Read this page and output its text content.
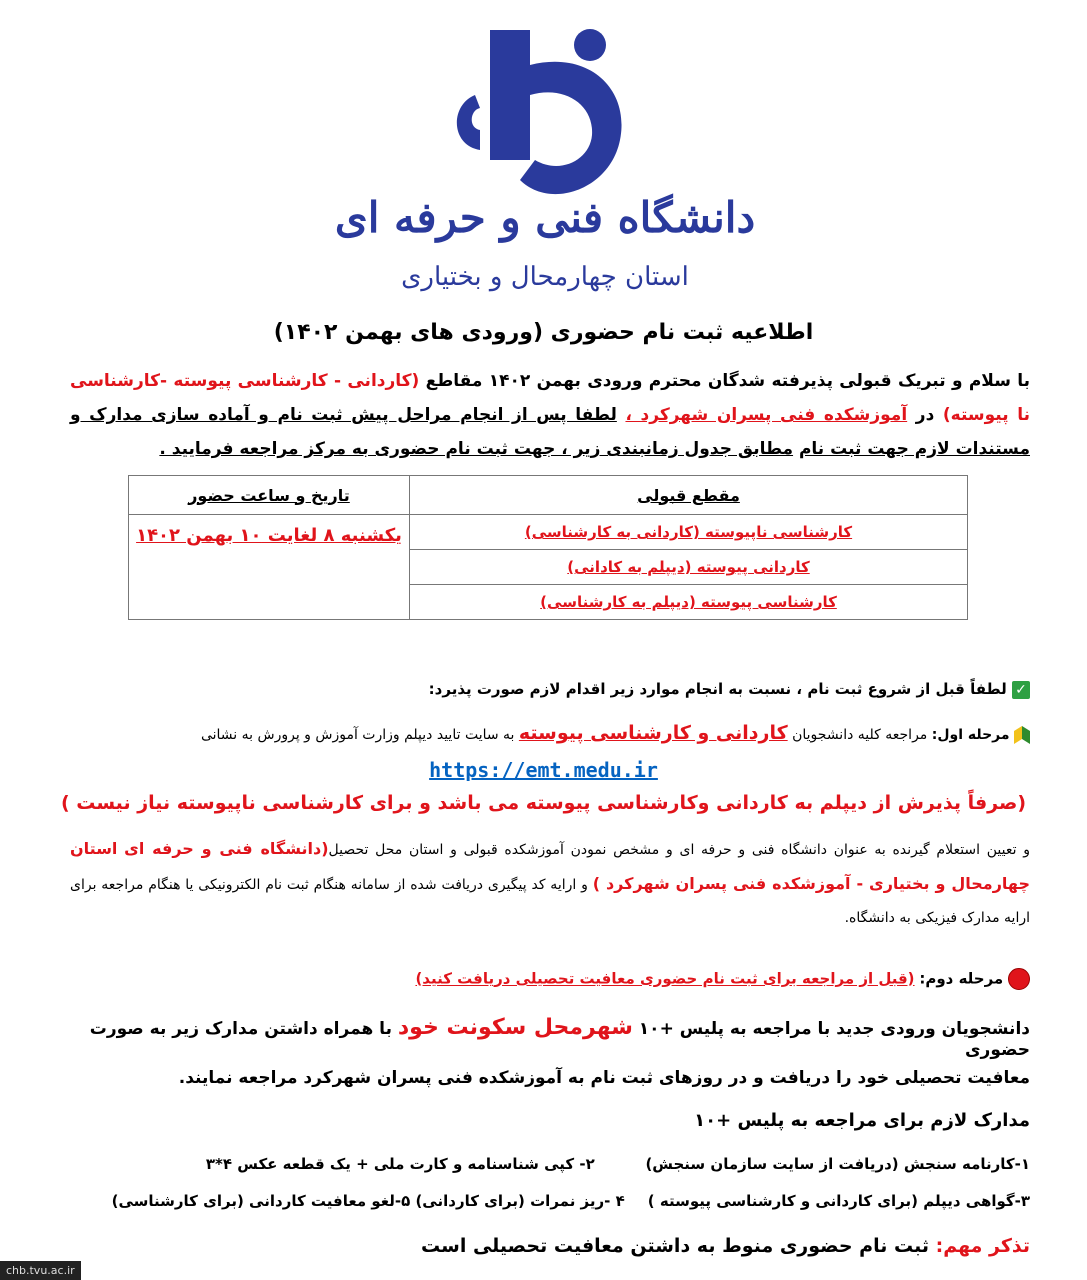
دانشگاه فنی و حرفه ای
استان چهارمحال و بختیاری
اطلاعیه ثبت نام حضوری (ورودی های بهمن ۱۴۰۲)
با سلام و تبریک قبولی پذیرفته شدگان محترم ورودی بهمن ۱۴۰۲ مقاطع (کاردانی - کارشناسی پیوسته -کارشناسی نا پیوسته) در آموزشکده فنی پسران شهرکرد ، لطفا پس از انجام مراحل پیش ثبت نام و آماده سازی مدارک و مستندات لازم جهت ثبت نام مطابق جدول زمانبندی زیر ، جهت ثبت نام حضوری به مرکز مراجعه فرمایید .
مقطع قبولی	تاریخ و ساعت حضور
کارشناسی ناپیوسته (کاردانی به کارشناسی)	یکشنبه ۸ لغایت ۱۰ بهمن ۱۴۰۲
کاردانی پیوسته (دیپلم به کادانی)	
کارشناسی پیوسته (دیپلم به کارشناسی)	
✓ لطفاً قبل از شروع ثبت نام ، نسبت به انجام موارد زیر اقدام لازم صورت پذیرد:
مرحله اول: مراجعه کلیه دانشجویان کاردانی و کارشناسی پیوسته به سایت تایید دیپلم وزارت آموزش و پرورش به نشانی
https://emt.medu.ir
(صرفاً پذیرش از دیپلم به کاردانی وکارشناسی پیوسته می باشد و برای کارشناسی ناپیوسته نیاز نیست )
و تعیین استعلام گیرنده به عنوان دانشگاه فنی و حرفه ای و مشخص نمودن آموزشکده قبولی و استان محل تحصیل(دانشگاه فنی و حرفه ای استان چهارمحال و بختیاری - آموزشکده فنی پسران شهرکرد ) و ارایه کد پیگیری دریافت شده از سامانه هنگام ثبت نام الکترونیکی یا هنگام مراجعه برای ارایه مدارک فیزیکی به دانشگاه.
مرحله دوم: (قبل از مراجعه برای ثبت نام حضوری معافیت تحصیلی دریافت کنید)
دانشجویان ورودی جدید با مراجعه به پلیس +۱۰ شهرمحل سکونت خود با همراه داشتن مدارک زیر به صورت حضوری
معافیت تحصیلی خود را دریافت و در روزهای ثبت نام به آموزشکده فنی پسران شهرکرد مراجعه نمایند.
مدارک لازم برای مراجعه به پلیس +۱۰
۱-کارنامه سنجش (دریافت از سایت سازمان سنجش) ۲- کپی شناسنامه و کارت ملی + یک قطعه عکس ۴*۳
۳-گواهی دیپلم (برای کاردانی و کارشناسی پیوسته ) ۴ -ریز نمرات (برای کاردانی) ۵-لغو معافیت کاردانی (برای کارشناسی)
تذکر مهم: ثبت نام حضوری منوط به داشتن معافیت تحصیلی است
chb.tvu.ac.ir
